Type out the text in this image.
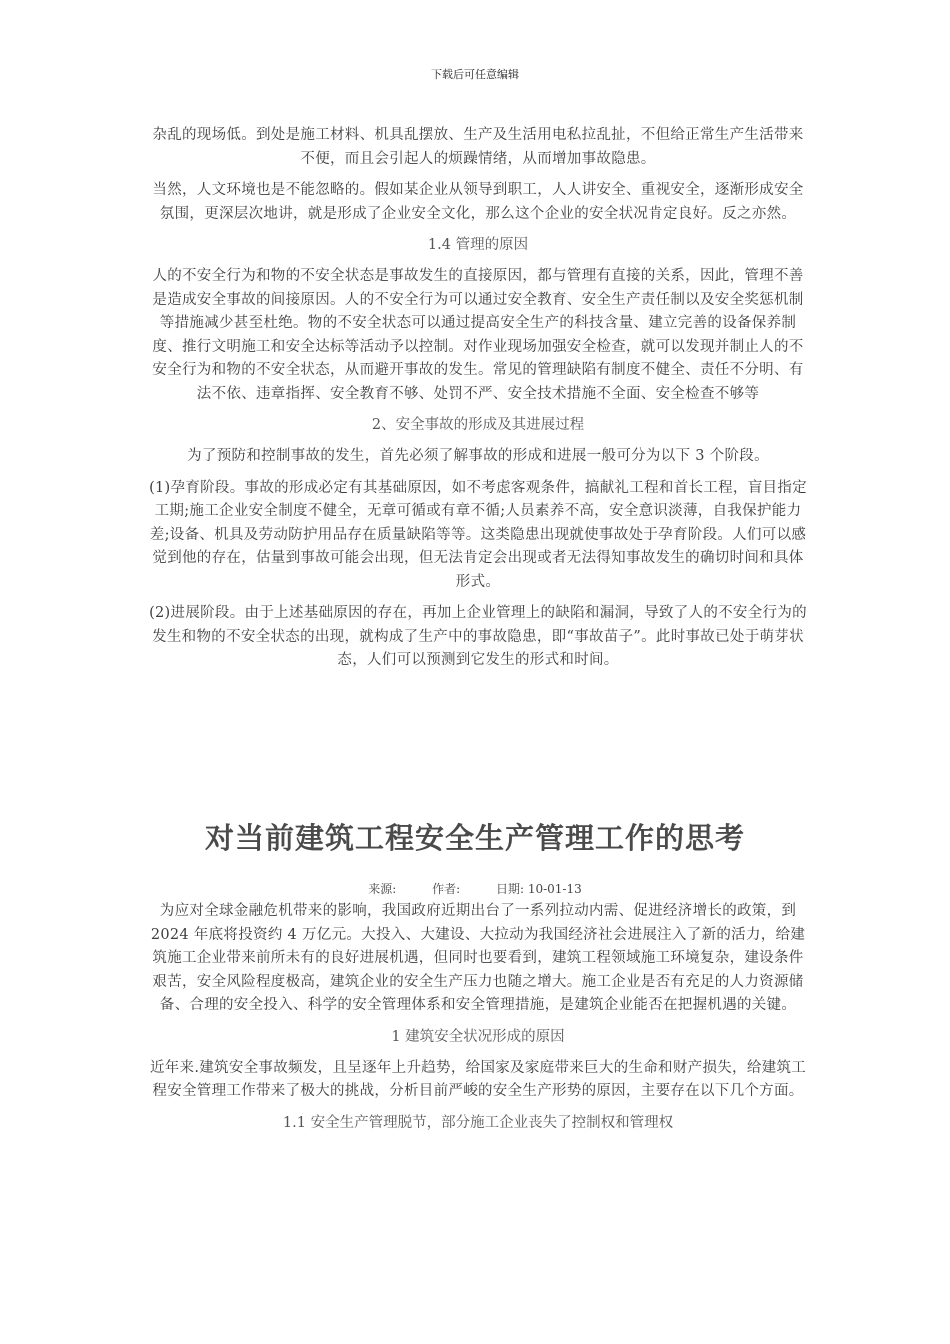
下载后可任意编辑

杂乱的现场低。到处是施工材料、机具乱摆放、生产及生活用电私拉乱扯，不但给正常生产生活带来不便，而且会引起人的烦躁情绪，从而增加事故隐患。

当然，人文环境也是不能忽略的。假如某企业从领导到职工，人人讲安全、重视安全，逐渐形成安全氛围，更深层次地讲，就是形成了企业安全文化，那么这个企业的安全状况肯定良好。反之亦然。

1.4 管理的原因

人的不安全行为和物的不安全状态是事故发生的直接原因，都与管理有直接的关系，因此，管理不善是造成安全事故的间接原因。人的不安全行为可以通过安全教育、安全生产责任制以及安全奖惩机制等措施减少甚至杜绝。物的不安全状态可以通过提高安全生产的科技含量、建立完善的设备保养制度、推行文明施工和安全达标等活动予以控制。对作业现场加强安全检查，就可以发现并制止人的不安全行为和物的不安全状态，从而避开事故的发生。常见的管理缺陷有制度不健全、责任不分明、有法不依、违章指挥、安全教育不够、处罚不严、安全技术措施不全面、安全检查不够等

2、安全事故的形成及其进展过程

为了预防和控制事故的发生，首先必须了解事故的形成和进展一般可分为以下 3 个阶段。

(1)孕育阶段。事故的形成必定有其基础原因，如不考虑客观条件，搞献礼工程和首长工程，盲目指定工期;施工企业安全制度不健全，无章可循或有章不循;人员素养不高，安全意识淡薄，自我保护能力差;设备、机具及劳动防护用品存在质量缺陷等等。这类隐患出现就使事故处于孕育阶段。人们可以感觉到他的存在，估量到事故可能会出现，但无法肯定会出现或者无法得知事故发生的确切时间和具体形式。

(2)进展阶段。由于上述基础原因的存在，再加上企业管理上的缺陷和漏洞，导致了人的不安全行为的发生和物的不安全状态的出现，就构成了生产中的事故隐患，即“事故苗子”。此时事故已处于萌芽状态，人们可以预测到它发生的形式和时间。

对当前建筑工程安全生产管理工作的思考
来源:	作者:	日期: 10-01-13

为应对全球金融危机带来的影响，我国政府近期出台了一系列拉动内需、促进经济增长的政策，到 2024 年底将投资约 4 万亿元。大投入、大建设、大拉动为我国经济社会进展注入了新的活力，给建筑施工企业带来前所未有的良好进展机遇，但同时也要看到，建筑工程领域施工环境复杂，建设条件艰苦，安全风险程度极高，建筑企业的安全生产压力也随之增大。施工企业是否有充足的人力资源储备、合理的安全投入、科学的安全管理体系和安全管理措施，是建筑企业能否在把握机遇的关键。

1 建筑安全状况形成的原因

近年来.建筑安全事故频发，且呈逐年上升趋势，给国家及家庭带来巨大的生命和财产损失，给建筑工程安全管理工作带来了极大的挑战，分析目前严峻的安全生产形势的原因，主要存在以下几个方面。

1.1 安全生产管理脱节，部分施工企业丧失了控制权和管理权
